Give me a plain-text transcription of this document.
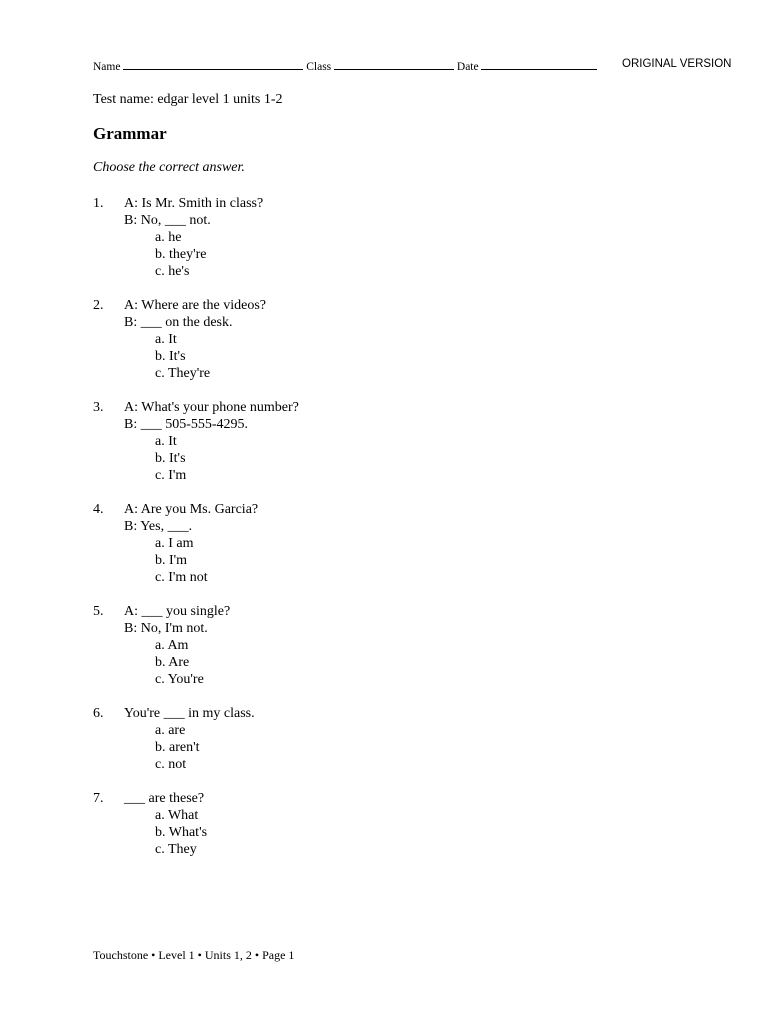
Name	Class	Date	ORIGINAL VERSION
Test name: edgar level 1 units 1-2
Grammar
Choose the correct answer.
1. A: Is Mr. Smith in class?
B: No, ___ not.
a. he
b. they're
c. he's
2. A: Where are the videos?
B: ___ on the desk.
a. It
b. It's
c. They're
3. A: What's your phone number?
B: ___ 505-555-4295.
a. It
b. It's
c. I'm
4. A: Are you Ms. Garcia?
B: Yes, ___.
a. I am
b. I'm
c. I'm not
5. A: ___ you single?
B: No, I'm not.
a. Am
b. Are
c. You're
6. You're ___ in my class.
a. are
b. aren't
c. not
7. ___ are these?
a. What
b. What's
c. They
Touchstone • Level 1 • Units 1, 2 • Page 1
